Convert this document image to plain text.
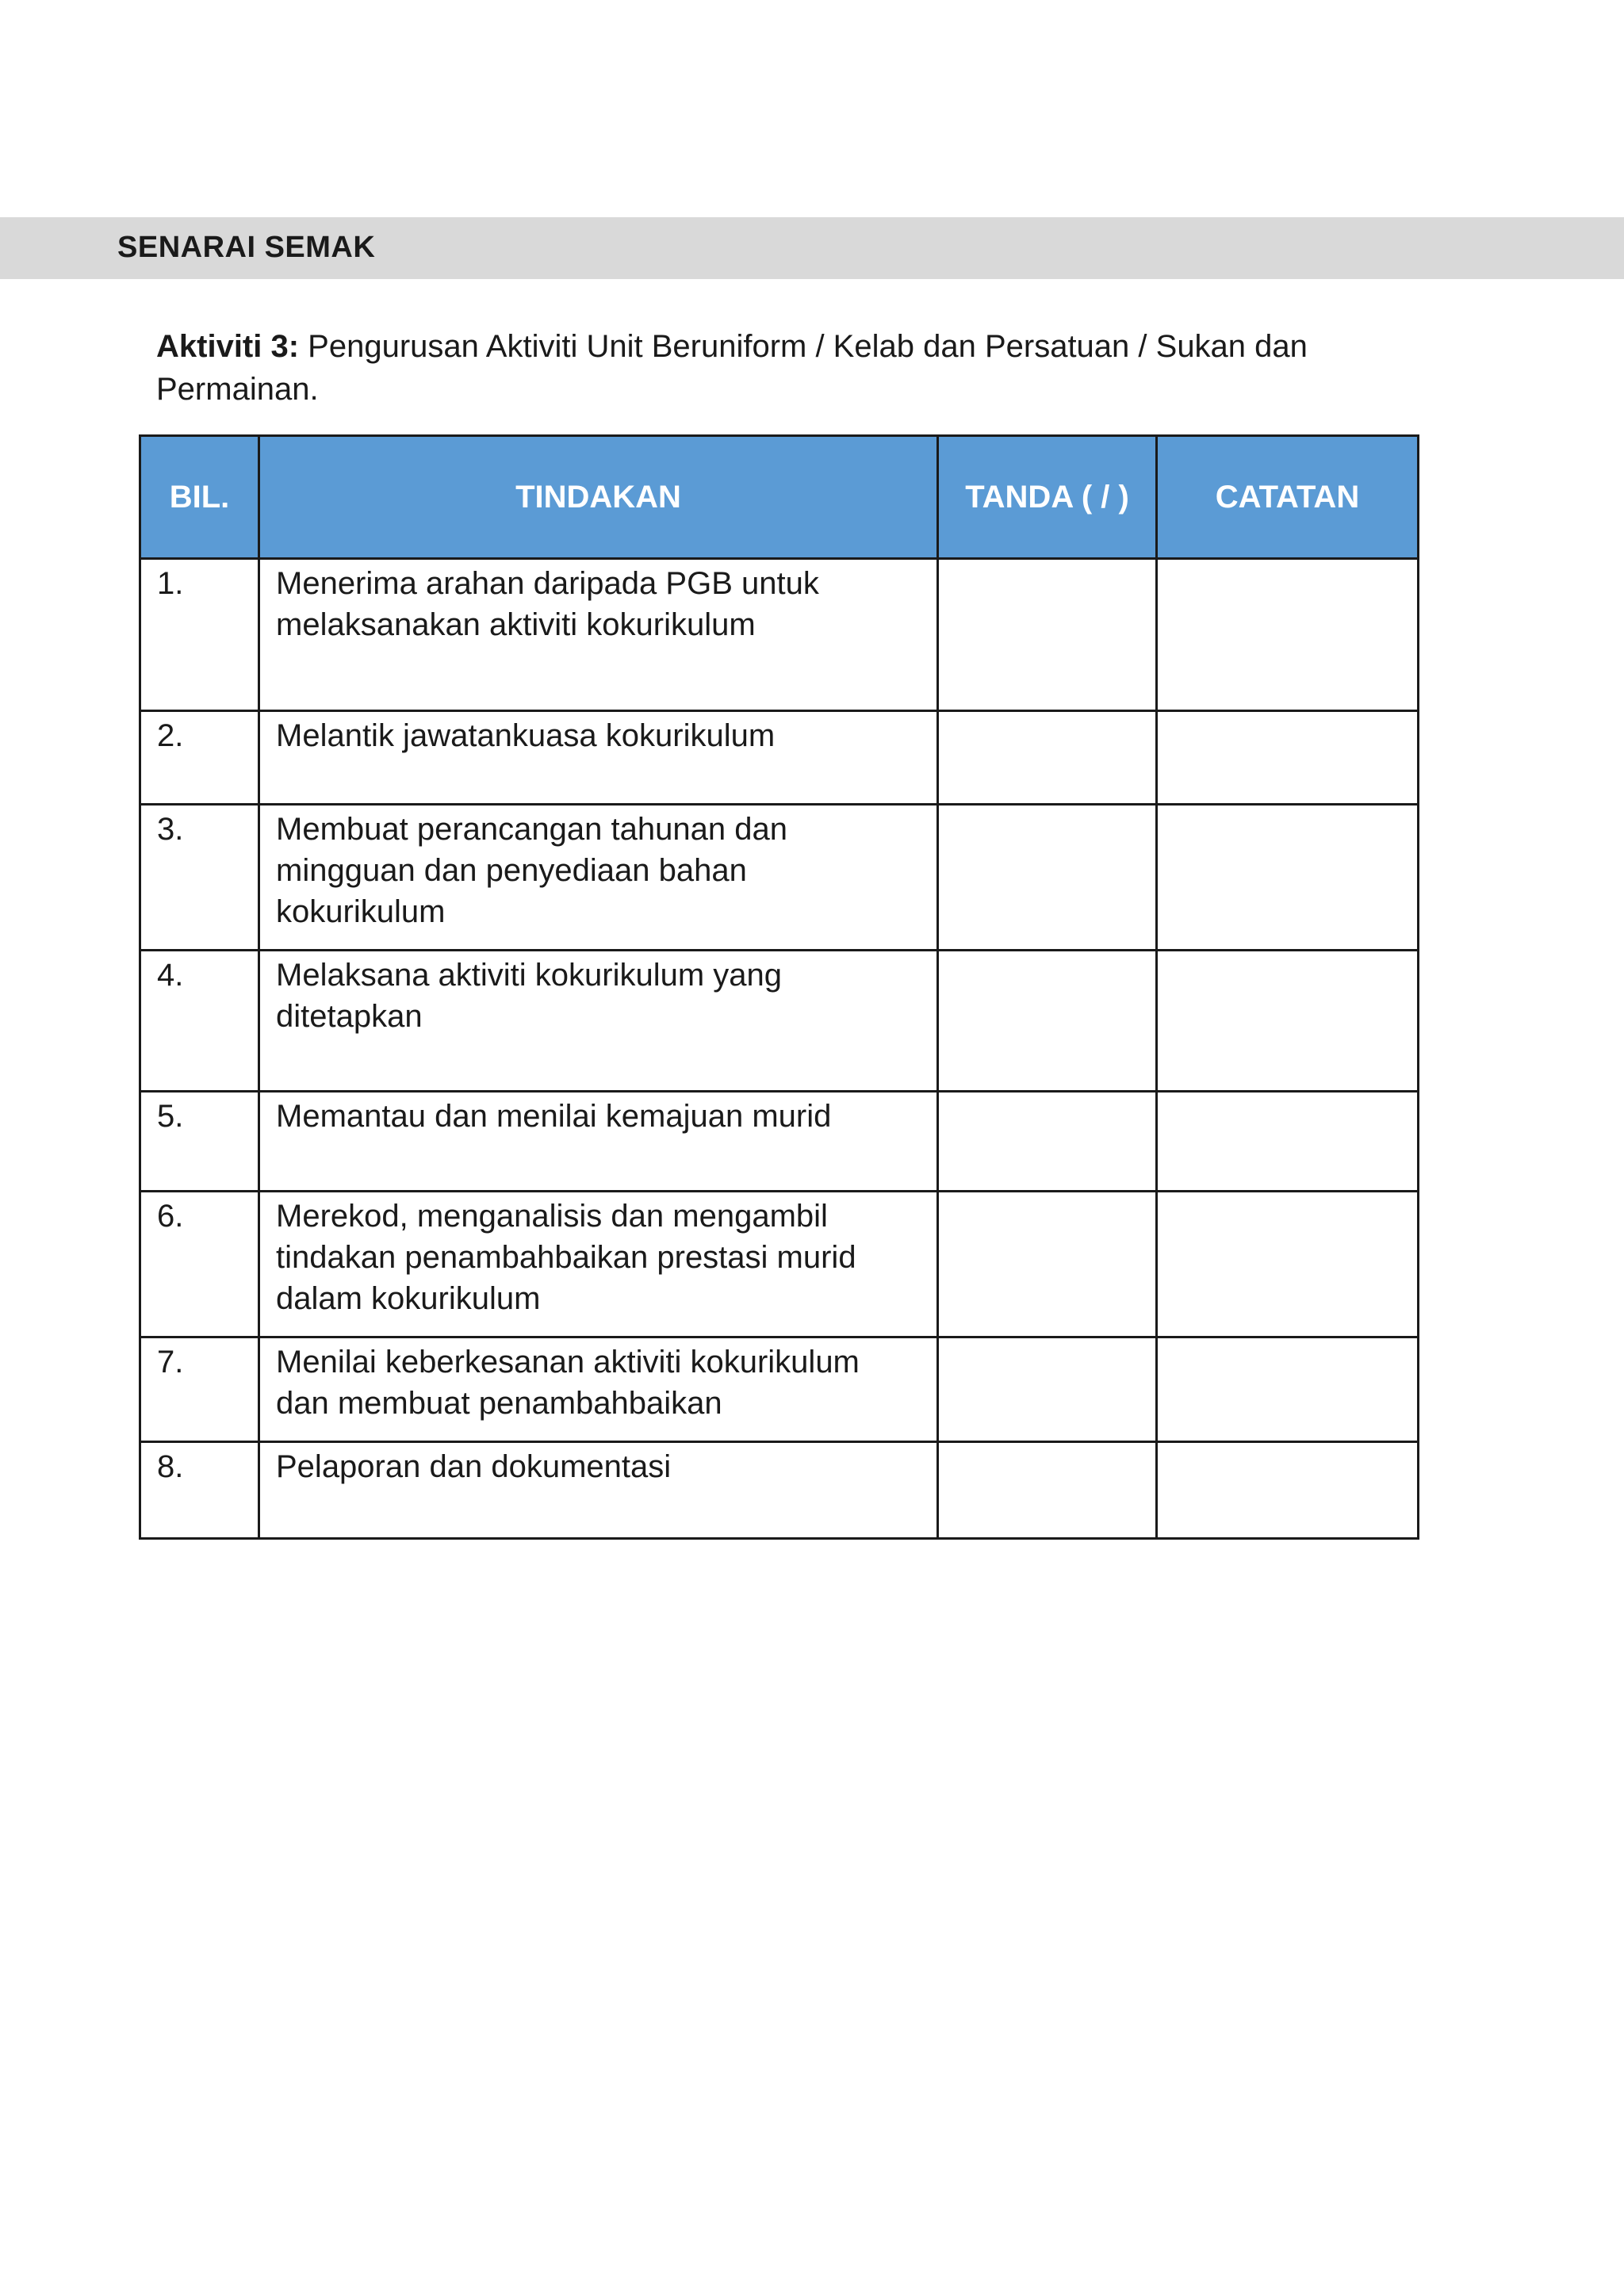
SENARAI SEMAK
Aktiviti 3: Pengurusan Aktiviti Unit Beruniform / Kelab dan Persatuan / Sukan dan Permainan.
BIL.	TINDAKAN	TANDA ( / )	CATATAN
1.	Menerima arahan daripada PGB untuk melaksanakan aktiviti kokurikulum		
2.	Melantik jawatankuasa kokurikulum		
3.	Membuat perancangan tahunan dan mingguan dan penyediaan bahan kokurikulum		
4.	Melaksana aktiviti kokurikulum yang ditetapkan		
5.	Memantau dan menilai kemajuan murid		
6.	Merekod, menganalisis dan mengambil tindakan penambahbaikan prestasi murid dalam kokurikulum		
7.	Menilai keberkesanan aktiviti kokurikulum dan membuat penambahbaikan		
8.	Pelaporan dan dokumentasi		
